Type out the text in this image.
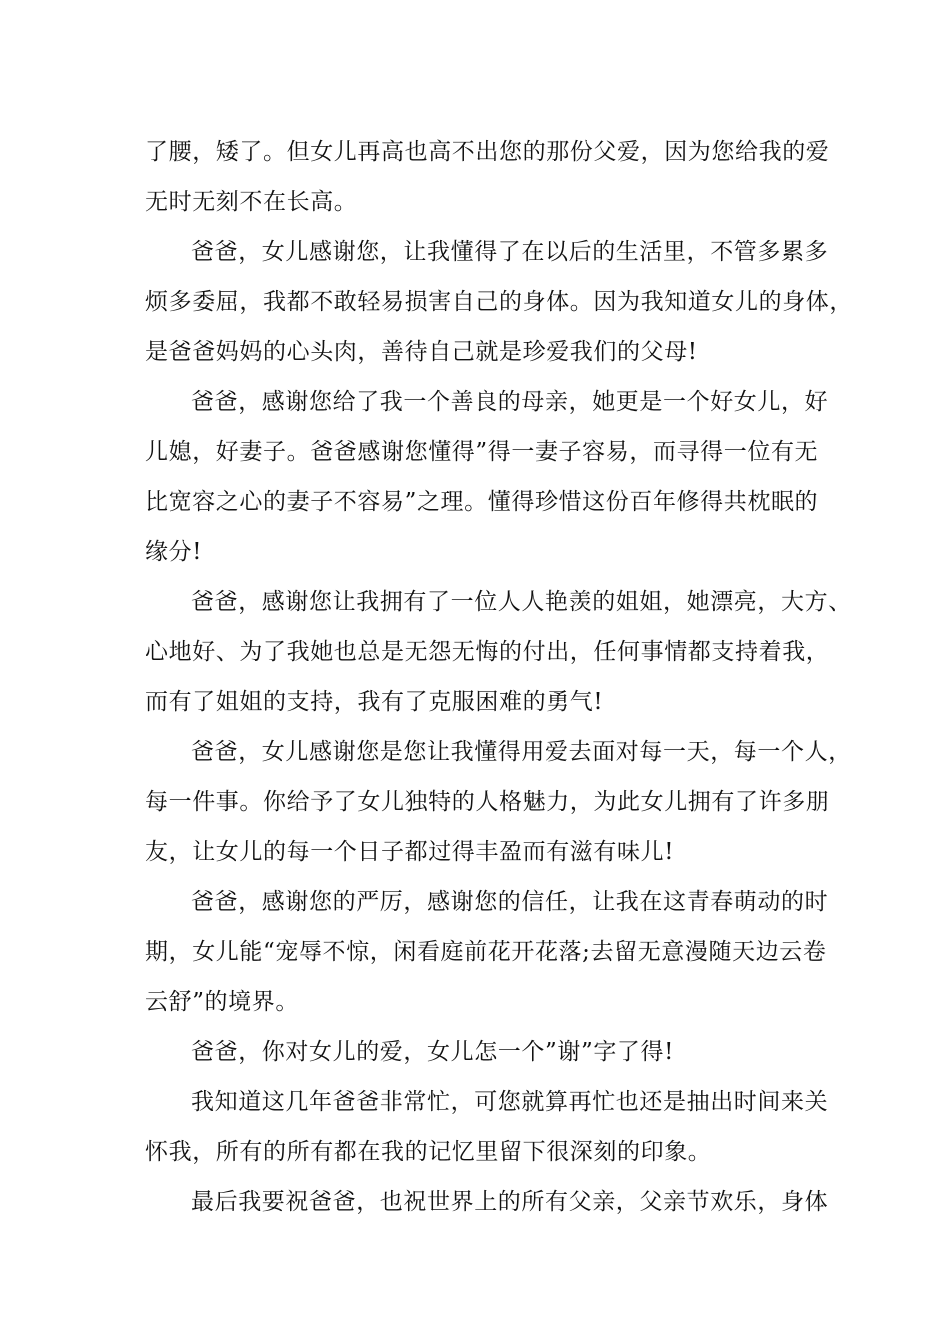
了腰，矮了。但女儿再高也高不出您的那份父爱，因为您给我的爱
无时无刻不在长高。
爸爸，女儿感谢您，让我懂得了在以后的生活里，不管多累多
烦多委屈，我都不敢轻易损害自己的身体。因为我知道女儿的身体，
是爸爸妈妈的心头肉，善待自己就是珍爱我们的父母!
爸爸，感谢您给了我一个善良的母亲，她更是一个好女儿，好
儿媳，好妻子。爸爸感谢您懂得”得一妻子容易，而寻得一位有无
比宽容之心的妻子不容易”之理。懂得珍惜这份百年修得共枕眠的
缘分!
爸爸，感谢您让我拥有了一位人人艳羡的姐姐，她漂亮，大方、
心地好、为了我她也总是无怨无悔的付出，任何事情都支持着我，
而有了姐姐的支持，我有了克服困难的勇气!
爸爸，女儿感谢您是您让我懂得用爱去面对每一天，每一个人，
每一件事。你给予了女儿独特的人格魅力，为此女儿拥有了许多朋
友，让女儿的每一个日子都过得丰盈而有滋有味儿!
爸爸，感谢您的严厉，感谢您的信任，让我在这青春萌动的时
期，女儿能“宠辱不惊，闲看庭前花开花落;去留无意漫随天边云卷
云舒”的境界。
爸爸，你对女儿的爱，女儿怎一个”谢”字了得!
我知道这几年爸爸非常忙，可您就算再忙也还是抽出时间来关
怀我，所有的所有都在我的记忆里留下很深刻的印象。
最后我要祝爸爸，也祝世界上的所有父亲，父亲节欢乐，身体
